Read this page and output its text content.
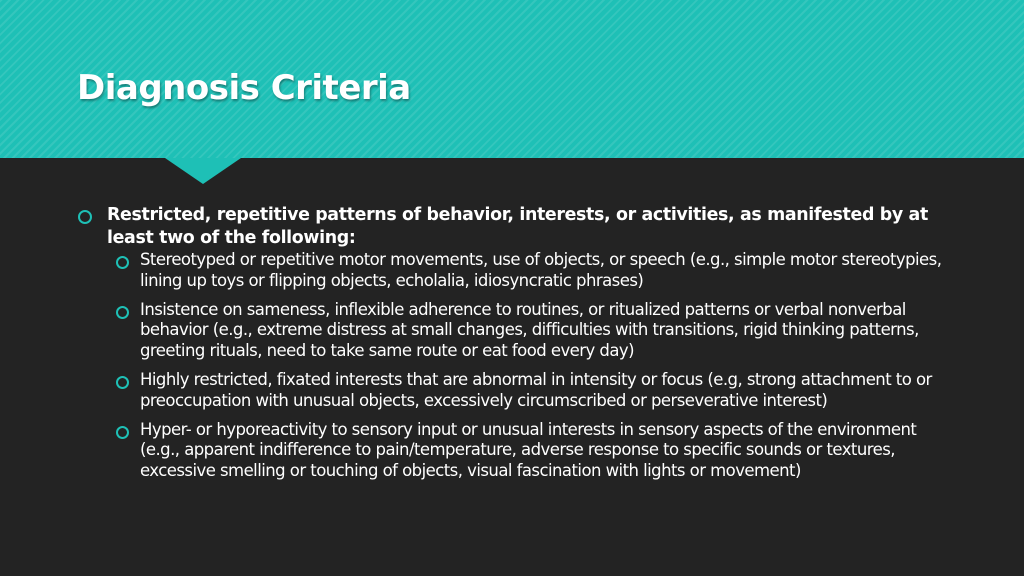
Diagnosis Criteria
Restricted, repetitive patterns of behavior, interests, or activities, as manifested by at least two of the following:
Stereotyped or repetitive motor movements, use of objects, or speech (e.g., simple motor stereotypies, lining up toys or flipping objects, echolalia, idiosyncratic phrases)
Insistence on sameness, inflexible adherence to routines, or ritualized patterns or verbal nonverbal behavior (e.g., extreme distress at small changes, difficulties with transitions, rigid thinking patterns, greeting rituals, need to take same route or eat food every day)
Highly restricted, fixated interests that are abnormal in intensity or focus (e.g, strong attachment to or preoccupation with unusual objects, excessively circumscribed or perseverative interest)
Hyper- or hyporeactivity to sensory input or unusual interests in sensory aspects of the environment (e.g., apparent indifference to pain/temperature, adverse response to specific sounds or textures, excessive smelling or touching of objects, visual fascination with lights or movement)
